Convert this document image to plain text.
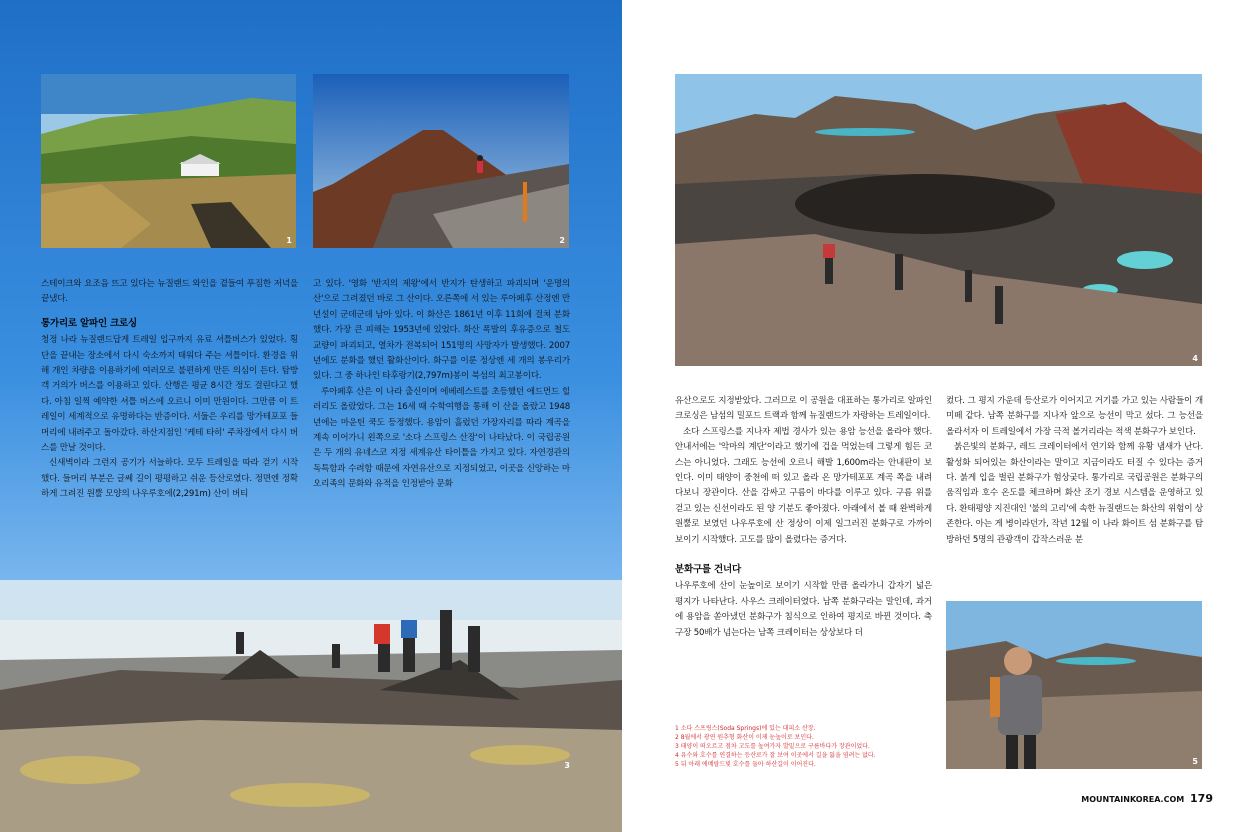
1	2

스테이크와 요조음 뜨고 있다는 뉴질랜드 와인을 곁들여 푸짐한 저녁을 끝냈다.

통가리로 알파인 크로싱

청정 나라 뉴질랜드답게 트레일 입구까지 유료 셔틀버스가 있었다. 횡단을 끝내는 장소에서 다시 숙소까지 태워다 주는 셔틀이다. 환경을 위해 개인 차량을 이용하기에 여러모로 불편하게 만든 의심이 든다. 탐방객 거의가 버스를 이용하고 있다. 산행은 평균 8시간 정도 걸린다고 했다. 아침 일찍 예약한 셔틀 버스에 오르니 이미 만원이다. 그만큼 이 트레일이 세계적으로 유명하다는 반증이다. 서둘은 우리를 망가테포포 들머리에 내려주고 돌아갔다. 하산지점인 '케테 타히' 주차장에서 다시 버스를 만날 것이다.

신새벽이라 그런지 공기가 서늘하다. 모두 트레일을 따라 걷기 시작했다. 들머리 부분은 글쎄 길이 평평하고 쉬운 등산로였다. 정면엔 정확하게 그려진 원뿔 모양의 나우루호에(2,291m) 산이 버티

고 있다. '영화 '반지의 제왕'에서 반지가 탄생하고 파괴되며 '운명의 산'으로 그려졌던 바로 그 산이다. 오른쪽에 서 있는 루아페후 산정엔 만년설이 군데군데 남아 있다. 이 화산은 1861년 이후 11회에 걸쳐 분화했다. 가장 큰 피해는 1953년에 있었다. 화산 폭발의 후유증으로 철도 교량이 파괴되고, 열차가 전복되어 151명의 사망자가 발생했다. 2007년에도 분화를 했던 활화산이다. 화구를 이룬 정상엔 세 개의 봉우리가 있다. 그 중 하나인 타후랑기(2,797m)봉이 북섬의 최고봉이다.

루아페후 산은 이 나라 출신이며 에베레스트를 초등했던 에드먼드 힐러리도 올랐었다. 그는 16세 때 수학여행을 통해 이 산을 올랐고 1948년에는 마운틴 쿡도 등정했다. 용암이 흘렀던 가장자리를 따라 계곡을 계속 이어가니 왼쪽으로 '소다 스프링스 산장'이 나타났다. 이 국립공원은 두 개의 유네스코 지정 세계유산 타이틀을 가지고 있다. 자연경관의 독특함과 수려함 때문에 자연유산으로 지정되었고, 이곳을 신앙하는 마오리족의 문화와 유적을 인정받아 문화

3
4

유산으로도 지정받았다. 그러므로 이 공원을 대표하는 통가리로 알파인 크로싱은 남섬의 밀포드 트랙과 함께 뉴질랜드가 자랑하는 트레일이다.

소다 스프링스를 지나자 제법 경사가 있는 용암 능선을 올라야 했다. 안내서에는 '악마의 계단'이라고 했기에 겁을 먹었는데 그렇게 힘든 코스는 아니었다. 그래도 능선에 오르니 해발 1,600m라는 안내판이 보인다. 이미 태양이 중천에 떠 있고 올라 온 망가테포포 계곡 쪽을 내려다보니 장관이다. 산을 감싸고 구름이 바다를 이루고 있다. 구름 위를 걷고 있는 신선이라도 된 양 기분도 좋아졌다. 아래에서 볼 때 완벽하게 원뿔로 보였던 나우루호에 산 정상이 이제 일그러진 분화구로 가까이 보이기 시작했다. 고도를 많이 올렸다는 증거다.

분화구를 건너다

나우루호에 산이 눈높이로 보이기 시작할 만큼 올라가니 갑자기 넓은 평지가 나타난다. 사우스 크레이터였다. 남쪽 분화구라는 말인데, 과거에 용암을 쏟아냈던 분화구가 침식으로 인하여 평지로 바뀐 것이다. 축구장 50배가 넘는다는 남쪽 크레이터는 상상보다 더

컸다. 그 평지 가운데 등산로가 이어지고 거기를 가고 있는 사람들이 개미떼 같다. 남쪽 분화구를 지나자 앞으로 능선이 막고 섰다. 그 능선을 올라서자 이 트레일에서 가장 극적 볼거리라는 적색 분화구가 보인다.

붉은빛의 분화구, 레드 크레이터에서 연기와 함께 유황 냄새가 난다. 활성화 되어있는 화산이라는 말이고 지금이라도 터질 수 있다는 증거다. 붉게 입을 벌린 분화구가 험상궂다. 통가리로 국립공원은 분화구의 움직임과 호수 온도를 체크하며 화산 조기 경보 시스템을 운영하고 있다. 환태평양 지진대인 '불의 고리'에 속한 뉴질랜드는 화산의 위험이 상존한다. 아는 게 병이라던가, 작년 12월 이 나라 화이트 섬 분화구를 탐방하던 5명의 관광객이 갑작스러운 분

5
1 소다 스프링스(Soda Springs)에 있는 대피소 산장.
2 8월에서 광연 원추형 화산이 이제 눈높이로 보인다.
3 태양이 떠오르고 점차 고도를 높여가자 발밑으로 구름바다가 장관이었다.
4 유수와 호수를 연결하는 등산로가 잘 보여 이곳에서 길을 잃을 염려는 없다.
5 뒤 아래 에메랄드빛 호수를 둘아 하산길이 이어진다.
MOUNTAINKOREA.COM 179
